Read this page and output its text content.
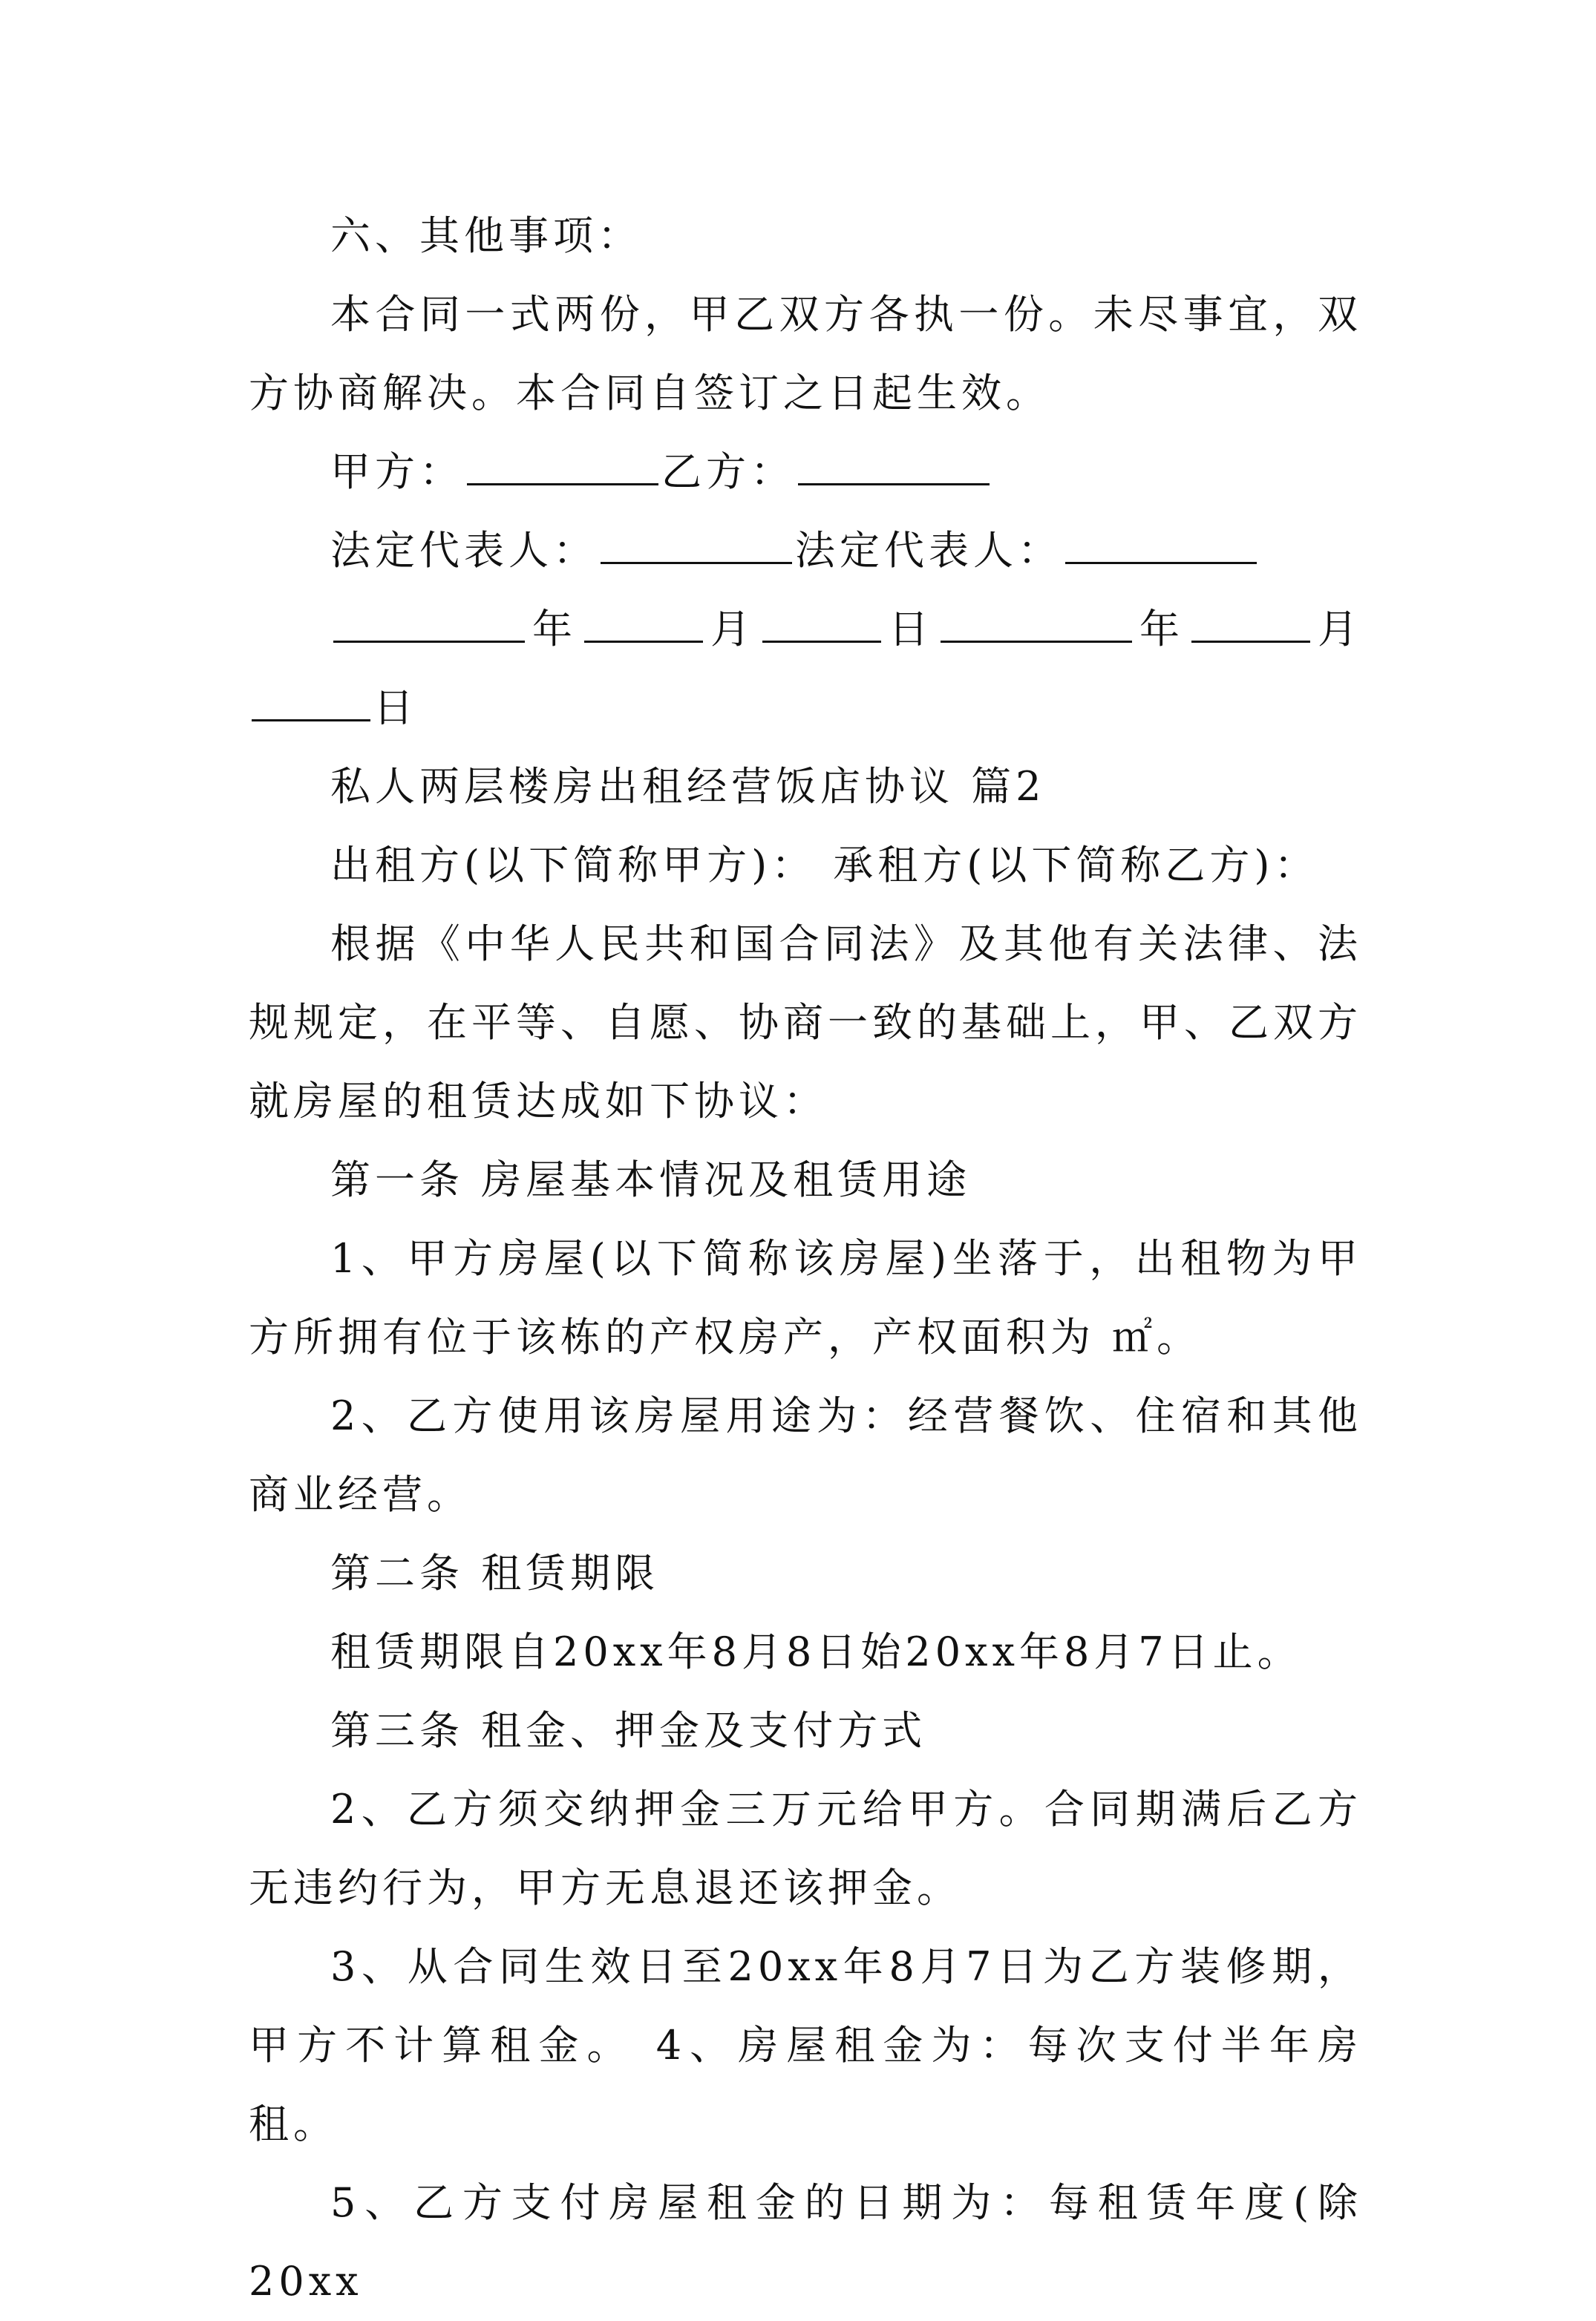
六、其他事项：

本合同一式两份，甲乙双方各执一份。未尽事宜，双方协商解决。本合同自签订之日起生效。

甲方：	乙方：

法定代表人：	法定代表人：

年	月	日	年	月日

私人两层楼房出租经营饭店协议 篇2

出租方(以下简称甲方)： 承租方(以下简称乙方)：

根据《中华人民共和国合同法》及其他有关法律、法规规定，在平等、自愿、协商一致的基础上，甲、乙双方就房屋的租赁达成如下协议：

第一条 房屋基本情况及租赁用途

1、甲方房屋(以下简称该房屋)坐落于，出租物为甲方所拥有位于该栋的产权房产，产权面积为 ㎡。

2、乙方使用该房屋用途为：经营餐饮、住宿和其他商业经营。

第二条 租赁期限

租赁期限自20xx年8月8日始20xx年8月7日止。

第三条 租金、押金及支付方式

2、乙方须交纳押金三万元给甲方。合同期满后乙方无违约行为，甲方无息退还该押金。

3、从合同生效日至20xx年8月7日为乙方装修期，甲方不计算租金。 4、房屋租金为：每次支付半年房租。

5、乙方支付房屋租金的日期为：每租赁年度(除20xx
